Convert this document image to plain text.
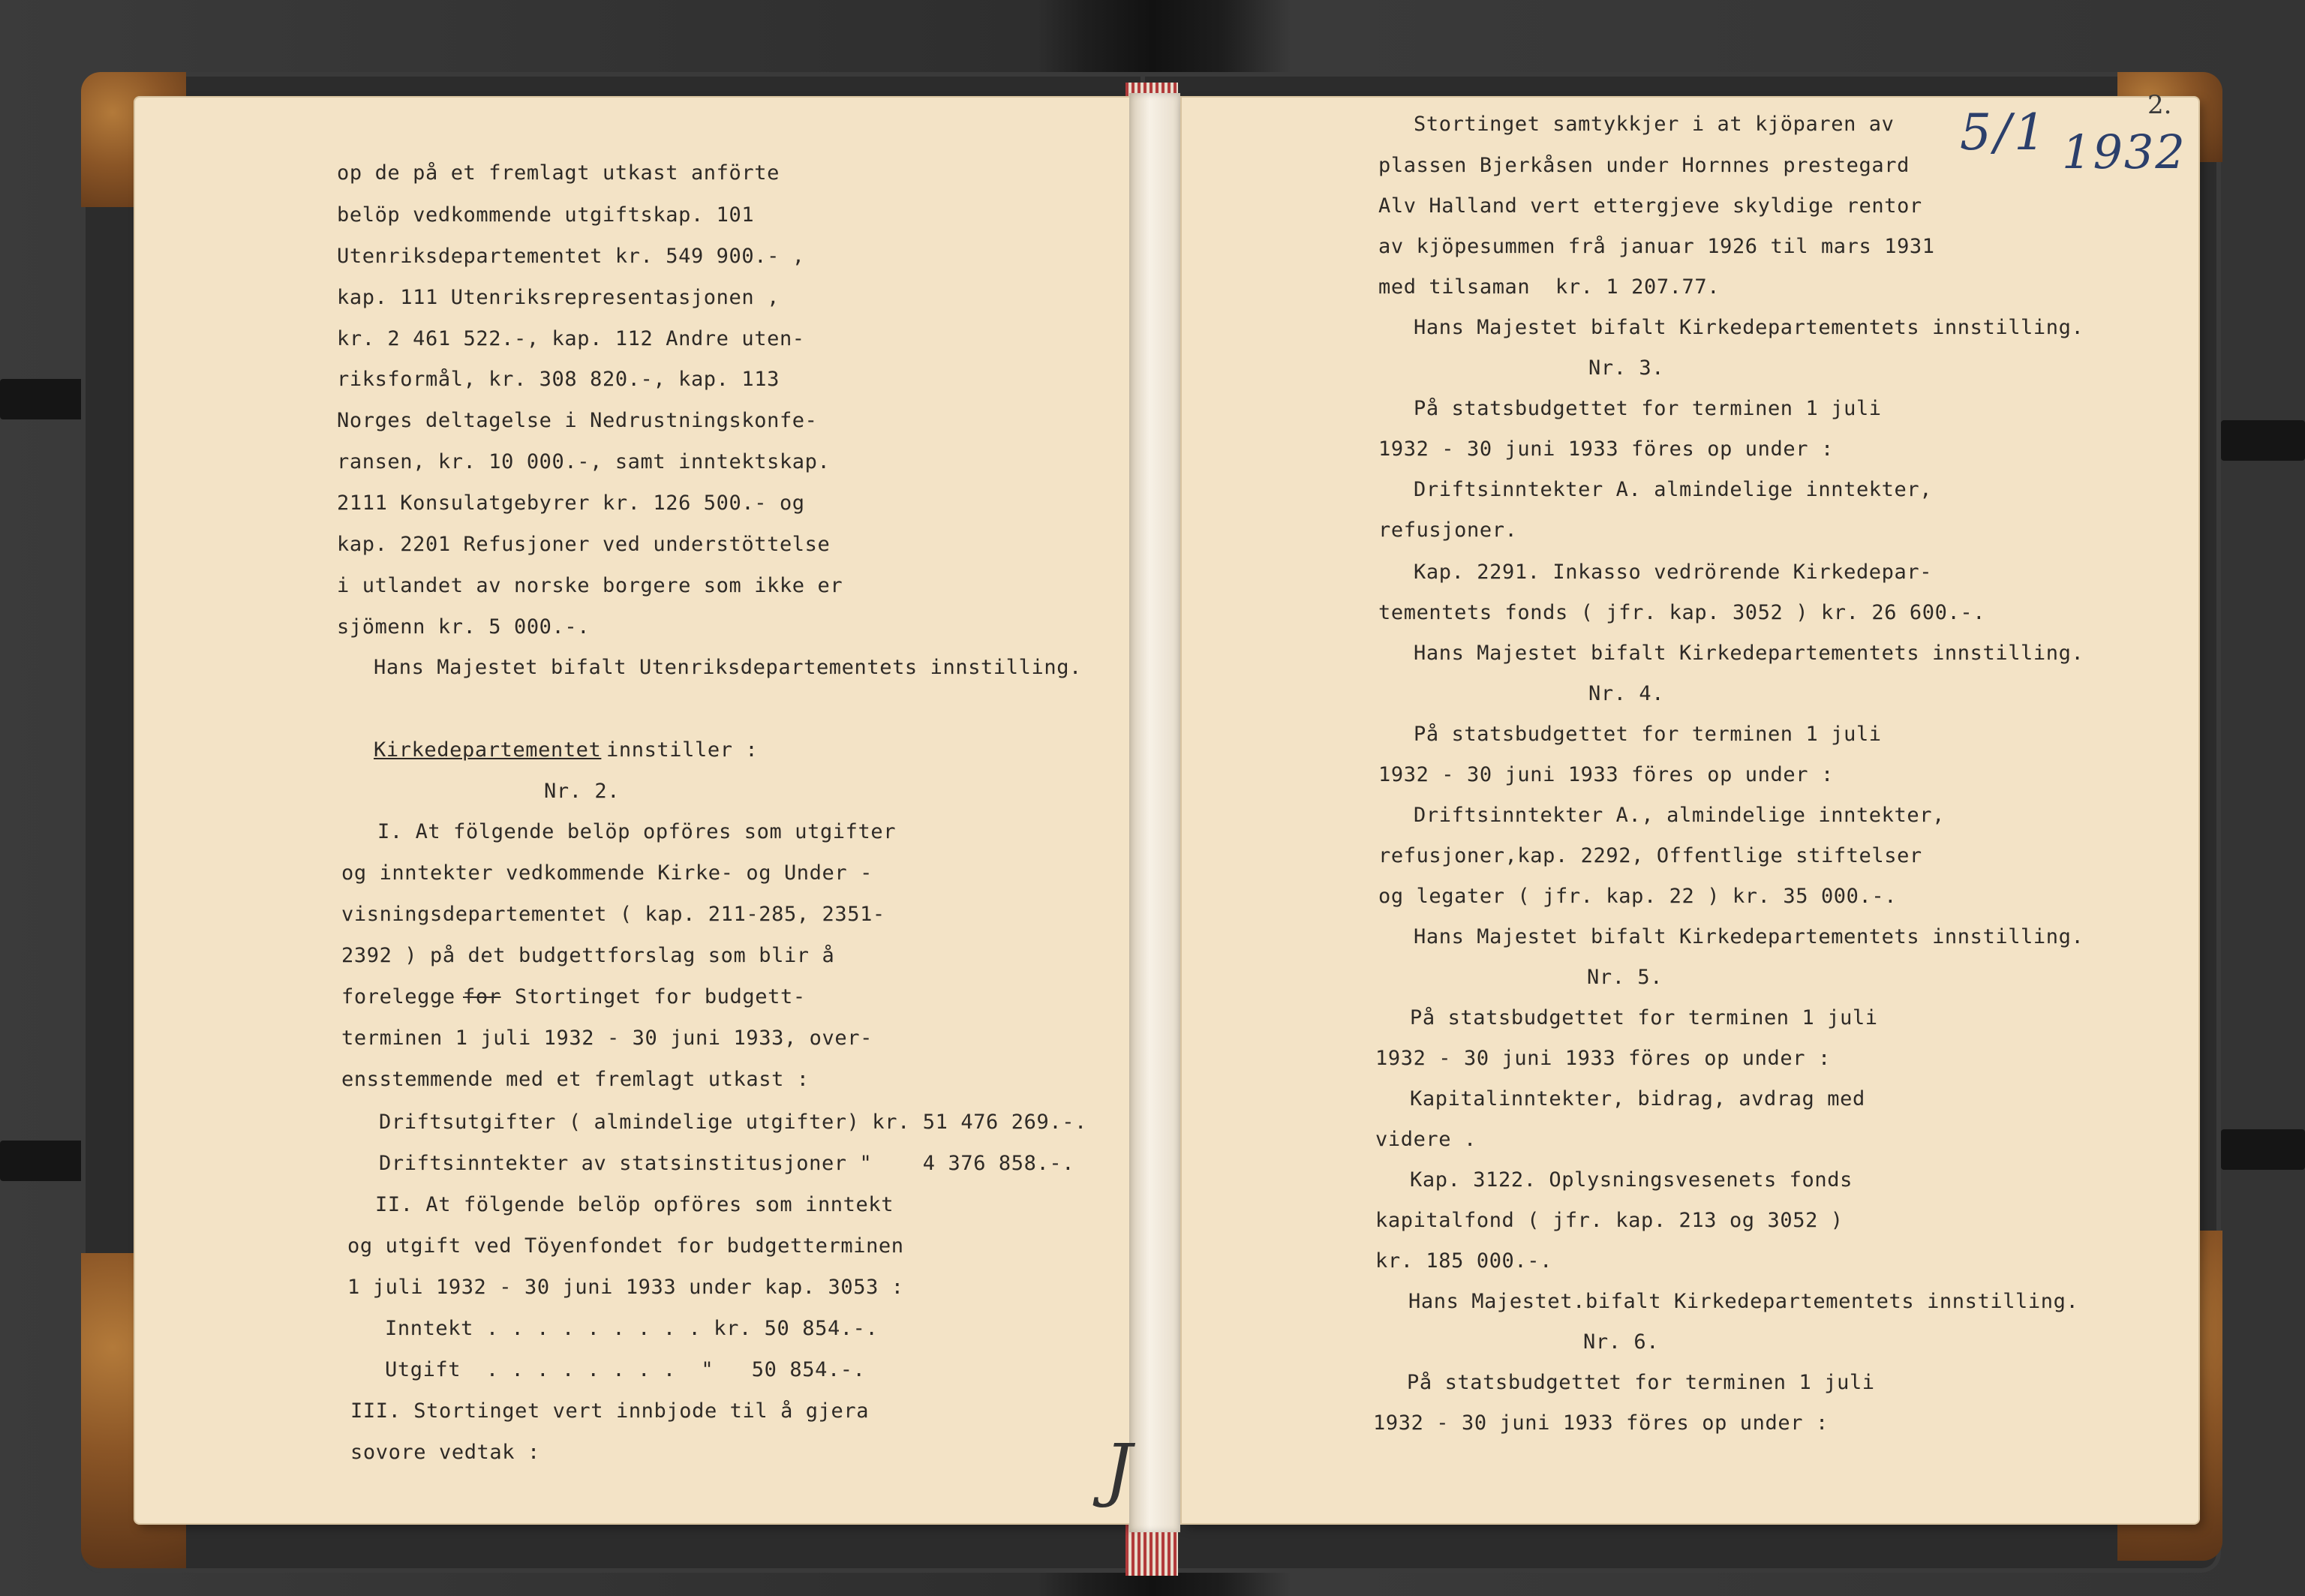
op de på et fremlagt utkast anförte

belöp vedkommende utgiftskap. 101

Utenriksdepartementet kr. 549 900.- ,

kap. 111 Utenriksrepresentasjonen ,

kr. 2 461 522.-, kap. 112 Andre uten-

riksformål, kr. 308 820.-, kap. 113

Norges deltagelse i Nedrustningskonfe-

ransen, kr. 10 000.-, samt inntektskap.

2111 Konsulatgebyrer kr. 126 500.- og

kap. 2201 Refusjoner ved understöttelse

i utlandet av norske borgere som ikke er

sjömenn kr. 5 000.-.

Hans Majestet bifalt Utenriksdepartementets innstilling.

Kirkedepartementet

innstiller :

Nr. 2.

I. At fölgende belöp opföres som utgifter

og inntekter vedkommende Kirke- og Under -

visningsdepartementet ( kap. 211-285, 2351-

2392 ) på det budgettforslag som blir å

forelegge

for

Stortinget for budgett-

terminen 1 juli 1932 - 30 juni 1933, over-

ensstemmende med et fremlagt utkast :

Driftsutgifter ( almindelige utgifter) kr. 51 476 269.-.

Driftsinntekter av statsinstitusjoner "    4 376 858.-.

II. At fölgende belöp opföres som inntekt

og utgift ved Töyenfondet for budgetterminen

1 juli 1932 - 30 juni 1933 under kap. 3053 :

Inntekt . . . . . . . . . kr. 50 854.-.

Utgift  . . . . . . . .  "   50 854.-.

III. Stortinget vert innbjode til å gjera

sovore vedtak :

Stortinget samtykkjer i at kjöparen av

plassen Bjerkåsen under Hornnes prestegard

Alv Halland vert ettergjeve skyldige rentor

av kjöpesummen frå januar 1926 til mars 1931

med tilsaman  kr. 1 207.77.

Hans Majestet bifalt Kirkedepartementets innstilling.

Nr. 3.

På statsbudgettet for terminen 1 juli

1932 - 30 juni 1933 föres op under :

Driftsinntekter A. almindelige inntekter,

refusjoner.

Kap. 2291. Inkasso vedrörende Kirkedepar-

tementets fonds ( jfr. kap. 3052 ) kr. 26 600.-.

Hans Majestet bifalt Kirkedepartementets innstilling.

Nr. 4.

På statsbudgettet for terminen 1 juli

1932 - 30 juni 1933 föres op under :

Driftsinntekter A., almindelige inntekter,

refusjoner,kap. 2292, Offentlige stiftelser

og legater ( jfr. kap. 22 ) kr. 35 000.-.

Hans Majestet bifalt Kirkedepartementets innstilling.

Nr. 5.

På statsbudgettet for terminen 1 juli

1932 - 30 juni 1933 föres op under :

Kapitalinntekter, bidrag, avdrag med

videre .

Kap. 3122. Oplysningsvesenets fonds

kapitalfond ( jfr. kap. 213 og 3052 )

kr. 185 000.-.

Hans Majestet.bifalt Kirkedepartementets innstilling.

Nr. 6.

På statsbudgettet for terminen 1 juli

1932 - 30 juni 1933 föres op under :

5/1 1932
2.
J
